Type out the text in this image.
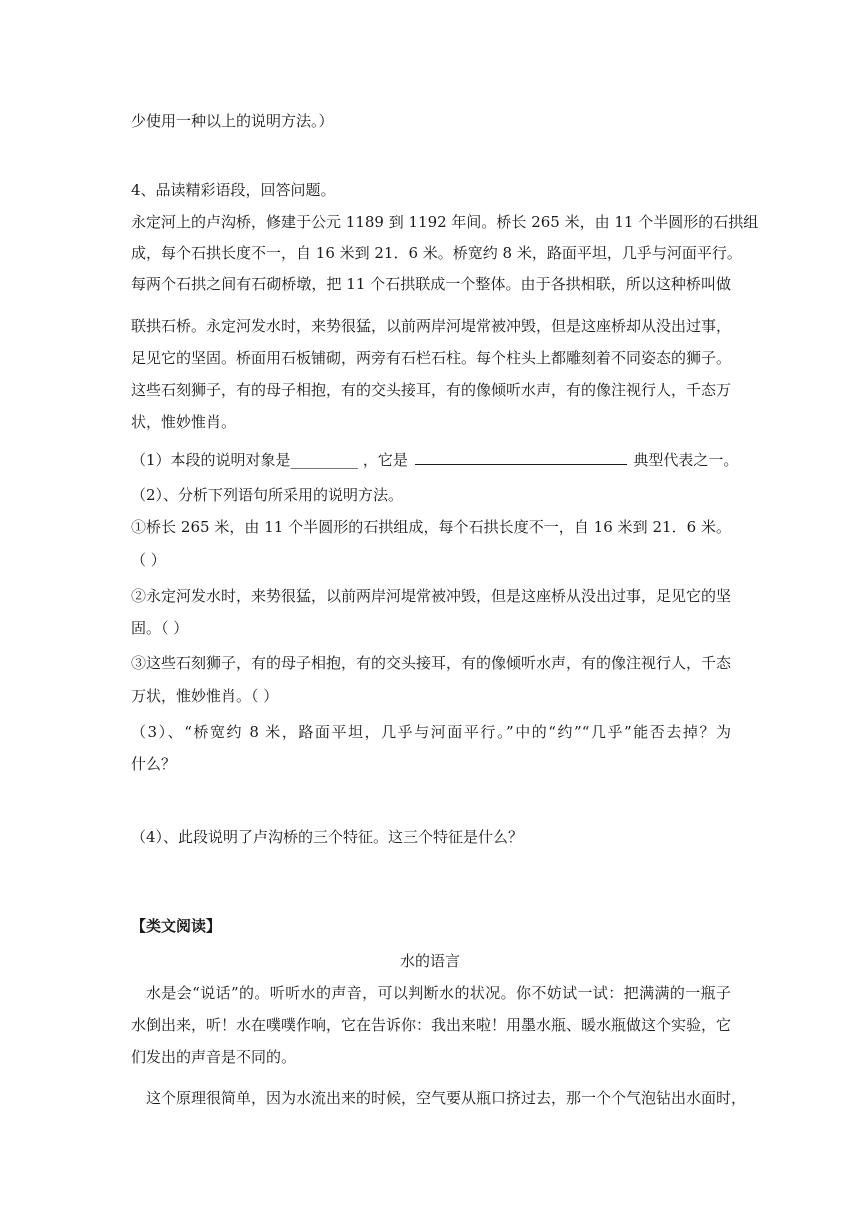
少使用一种以上的说明方法。）
4、品读精彩语段，回答问题。
永定河上的卢沟桥，修建于公元 1189 到 1192 年间。桥长 265 米，由 11 个半圆形的石拱组
成，每个石拱长度不一，自 16 米到 21．6 米。桥宽约 8 米，路面平坦，几乎与河面平行。
每两个石拱之间有石砌桥墩，把 11 个石拱联成一个整体。由于各拱相联，所以这种桥叫做
联拱石桥。永定河发水时，来势很猛，以前两岸河堤常被冲毁，但是这座桥却从没出过事，
足见它的坚固。桥面用石板铺砌，两旁有石栏石柱。每个柱头上都雕刻着不同姿态的狮子。
这些石刻狮子，有的母子相抱，有的交头接耳，有的像倾听水声，有的像注视行人，千态万
状，惟妙惟肖。
（1）本段的说明对象是_________ ，它是	典型代表之一。
（2）、分析下列语句所采用的说明方法。
①桥长 265 米，由 11 个半圆形的石拱组成，每个石拱长度不一，自 16 米到 21．6 米。
（ ）
②永定河发水时，来势很猛，以前两岸河堤常被冲毁，但是这座桥从没出过事，足见它的坚
固。（ ）
③这些石刻狮子，有的母子相抱，有的交头接耳，有的像倾听水声，有的像注视行人，千态
万状，惟妙惟肖。（ ）
（3）、“桥宽约 8 米，路面平坦，几乎与河面平行。”中的“约”“几乎”能否去掉？为
什么？
（4）、此段说明了卢沟桥的三个特征。这三个特征是什么？
【类文阅读】
水的语言
水是会“说话”的。听听水的声音，可以判断水的状况。你不妨试一试：把满满的一瓶子
水倒出来，听！水在噗噗作响，它在告诉你：我出来啦！用墨水瓶、暖水瓶做这个实验，它
们发出的声音是不同的。
这个原理很简单，因为水流出来的时候，空气要从瓶口挤过去，那一个个气泡钻出水面时，
